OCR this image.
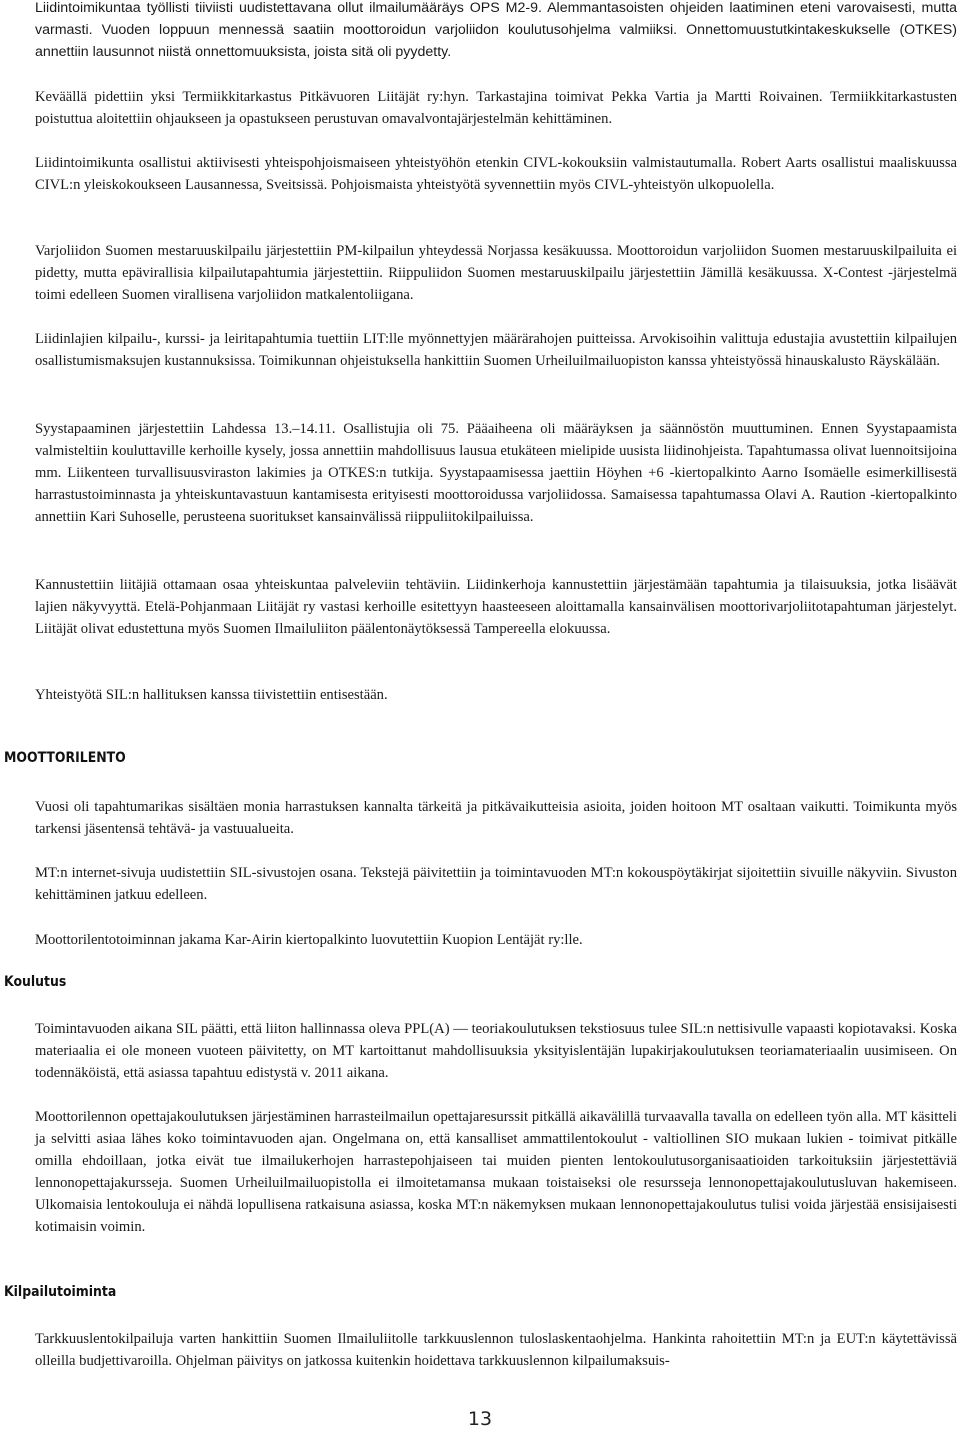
Liidintoimikuntaa työllisti tiiviisti uudistettavana ollut ilmailumääräys OPS M2-9. Alemmantasoisten ohjeiden laatiminen eteni varovaisesti, mutta varmasti. Vuoden loppuun mennessä saatiin moottoroidun varjoliidon koulutusohjelma valmiiksi. Onnettomuustutkintakeskukselle (OTKES) annettiin lausunnot niistä onnettomuuksista, joista sitä oli pyydetty.

Keväällä pidettiin yksi Termiikkitarkastus Pitkävuoren Liitäjät ry:hyn. Tarkastajina toimivat Pekka Vartia ja Martti Roivainen. Termiikkitarkastusten poistuttua aloitettiin ohjaukseen ja opastukseen perustuvan omavalvontajärjestelmän kehittäminen.

Liidintoimikunta osallistui aktiivisesti yhteispohjoismaiseen yhteistyöhön etenkin CIVL-kokouksiin valmistautumalla. Robert Aarts osallistui maaliskuussa CIVL:n yleiskokoukseen Lausannessa, Sveitsissä. Pohjoismaista yhteistyötä syvennettiin myös CIVL-yhteistyön ulkopuolella.

Varjoliidon Suomen mestaruuskilpailu järjestettiin PM-kilpailun yhteydessä Norjassa kesäkuussa. Moottoroidun varjoliidon Suomen mestaruuskilpailuita ei pidetty, mutta epävirallisia kilpailutapahtumia järjestettiin. Riippuliidon Suomen mestaruuskilpailu järjestettiin Jämillä kesäkuussa. X-Contest -järjestelmä toimi edelleen Suomen virallisena varjoliidon matkalentoliigana.

Liidinlajien kilpailu-, kurssi- ja leiritapahtumia tuettiin LIT:lle myönnettyjen määrärahojen puitteissa. Arvokisoihin valittuja edustajia avustettiin kilpailujen osallistumismaksujen kustannuksissa. Toimikunnan ohjeistuksella hankittiin Suomen Urheiluilmailuopiston kanssa yhteistyössä hinauskalusto Räyskälään.

Syystapaaminen järjestettiin Lahdessa 13.–14.11. Osallistujia oli 75. Pääaiheena oli määräyksen ja säännöstön muuttuminen. Ennen Syystapaamista valmisteltiin kouluttaville kerhoille kysely, jossa annettiin mahdollisuus lausua etukäteen mielipide uusista liidinohjeista. Tapahtumassa olivat luennoitsijoina mm. Liikenteen turvallisuusviraston lakimies ja OTKES:n tutkija. Syystapaamisessa jaettiin Höyhen +6 -kiertopalkinto Aarno Isomäelle esimerkillisestä harrastustoiminnasta ja yhteiskuntavastuun kantamisesta erityisesti moottoroidussa varjoliidossa. Samaisessa tapahtumassa Olavi A. Raution -kiertopalkinto annettiin Kari Suhoselle, perusteena suoritukset kansainvälissä riippuliitokilpailuissa.

Kannustettiin liitäjiä ottamaan osaa yhteiskuntaa palveleviin tehtäviin. Liidinkerhoja kannustettiin järjestämään tapahtumia ja tilaisuuksia, jotka lisäävät lajien näkyvyyttä. Etelä-Pohjanmaan Liitäjät ry vastasi kerhoille esitettyyn haasteeseen aloittamalla kansainvälisen moottorivarjoliitotapahtuman järjestelyt. Liitäjät olivat edustettuna myös Suomen Ilmailuliiton päälentonäytöksessä Tampereella elokuussa.

Yhteistyötä SIL:n hallituksen kanssa tiivistettiin entisestään.

MOOTTORILENTO

Vuosi oli tapahtumarikas sisältäen monia harrastuksen kannalta tärkeitä ja pitkävaikutteisia asioita, joiden hoitoon MT osaltaan vaikutti. Toimikunta myös tarkensi jäsentensä tehtävä- ja vastuualueita.

MT:n internet-sivuja uudistettiin SIL-sivustojen osana. Tekstejä päivitettiin ja toimintavuoden MT:n kokouspöytäkirjat sijoitettiin sivuille näkyviin. Sivuston kehittäminen jatkuu edelleen.

Moottorilentotoiminnan jakama Kar-Airin kiertopalkinto luovutettiin Kuopion Lentäjät ry:lle.

Koulutus

Toimintavuoden aikana SIL päätti, että liiton hallinnassa oleva PPL(A) — teoriakoulutuksen tekstiosuus tulee SIL:n nettisivulle vapaasti kopiotavaksi. Koska materiaalia ei ole moneen vuoteen päivitetty, on MT kartoittanut mahdollisuuksia yksityislentäjän lupakirjakoulutuksen teoriamateriaalin uusimiseen. On todennäköistä, että asiassa tapahtuu edistystä v. 2011 aikana.

Moottorilennon opettajakoulutuksen järjestäminen harrasteilmailun opettajaresurssit pitkällä aikavälillä turvaavalla tavalla on edelleen työn alla. MT käsitteli ja selvitti asiaa lähes koko toimintavuoden ajan. Ongelmana on, että kansalliset ammattilentokoulut - valtiollinen SIO mukaan lukien - toimivat pitkälle omilla ehdoillaan, jotka eivät tue ilmailukerhojen harrastepohjaiseen tai muiden pienten lentokoulutusorganisaatioiden tarkoituksiin järjestettäviä lennonopettajakursseja. Suomen Urheiluilmailuopistolla ei ilmoitetamansa mukaan toistaiseksi ole resursseja lennonopettajakoulutusluvan hakemiseen. Ulkomaisia lentokouluja ei nähdä lopullisena ratkaisuna asiassa, koska MT:n näkemyksen mukaan lennonopettajakoulutus tulisi voida järjestää ensisijaisesti kotimaisin voimin.

Kilpailutoiminta

Tarkkuuslentokilpailuja varten hankittiin Suomen Ilmailuliitolle tarkkuuslennon tuloslaskentaohjelma. Hankinta rahoitettiin MT:n ja EUT:n käytettävissä olleilla budjettivaroilla. Ohjelman päivitys on jatkossa kuitenkin hoidettava tarkkuuslennon kilpailumaksuis-

13
